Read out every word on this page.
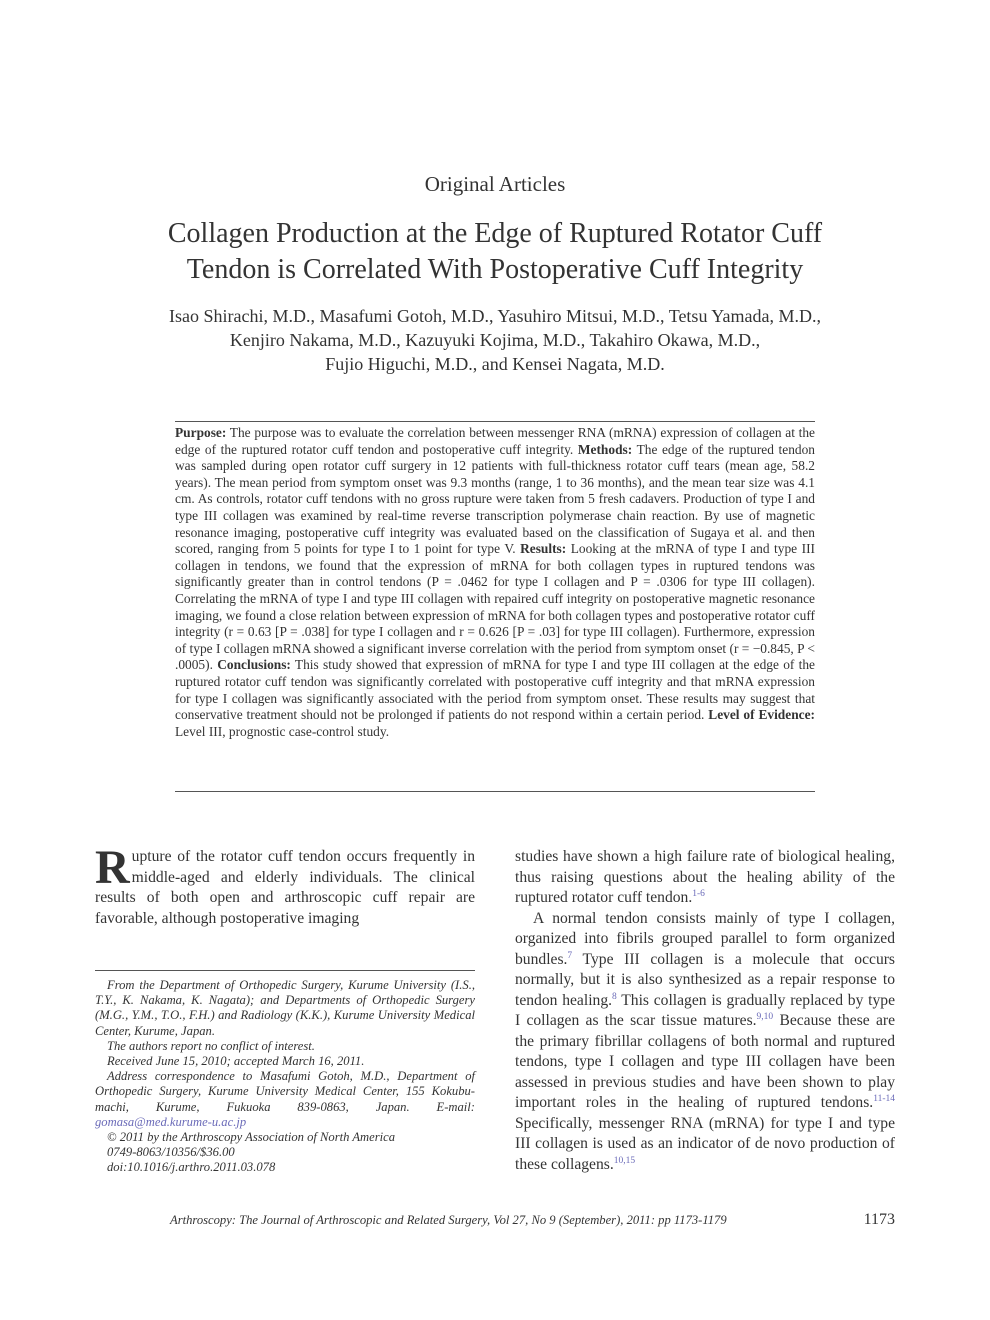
Original Articles
Collagen Production at the Edge of Ruptured Rotator Cuff
Tendon is Correlated With Postoperative Cuff Integrity
Isao Shirachi, M.D., Masafumi Gotoh, M.D., Yasuhiro Mitsui, M.D., Tetsu Yamada, M.D.,
Kenjiro Nakama, M.D., Kazuyuki Kojima, M.D., Takahiro Okawa, M.D.,
Fujio Higuchi, M.D., and Kensei Nagata, M.D.
Purpose: The purpose was to evaluate the correlation between messenger RNA (mRNA) expression of collagen at the edge of the ruptured rotator cuff tendon and postoperative cuff integrity. Methods: The edge of the ruptured tendon was sampled during open rotator cuff surgery in 12 patients with full-thickness rotator cuff tears (mean age, 58.2 years). The mean period from symptom onset was 9.3 months (range, 1 to 36 months), and the mean tear size was 4.1 cm. As controls, rotator cuff tendons with no gross rupture were taken from 5 fresh cadavers. Production of type I and type III collagen was examined by real-time reverse transcription polymerase chain reaction. By use of magnetic resonance imaging, postoperative cuff integrity was evaluated based on the classification of Sugaya et al. and then scored, ranging from 5 points for type I to 1 point for type V. Results: Looking at the mRNA of type I and type III collagen in tendons, we found that the expression of mRNA for both collagen types in ruptured tendons was significantly greater than in control tendons (P = .0462 for type I collagen and P = .0306 for type III collagen). Correlating the mRNA of type I and type III collagen with repaired cuff integrity on postoperative magnetic resonance imaging, we found a close relation between expression of mRNA for both collagen types and postoperative rotator cuff integrity (r = 0.63 [P = .038] for type I collagen and r = 0.626 [P = .03] for type III collagen). Furthermore, expression of type I collagen mRNA showed a significant inverse correlation with the period from symptom onset (r = −0.845, P < .0005). Conclusions: This study showed that expression of mRNA for type I and type III collagen at the edge of the ruptured rotator cuff tendon was significantly correlated with postoperative cuff integrity and that mRNA expression for type I collagen was significantly associated with the period from symptom onset. These results may suggest that conservative treatment should not be prolonged if patients do not respond within a certain period. Level of Evidence: Level III, prognostic case-control study.

Rupture of the rotator cuff tendon occurs frequently in middle-aged and elderly individuals. The clinical results of both open and arthroscopic cuff repair are favorable, although postoperative imaging

From the Department of Orthopedic Surgery, Kurume University (I.S., T.Y., K. Nakama, K. Nagata); and Departments of Orthopedic Surgery (M.G., Y.M., T.O., F.H.) and Radiology (K.K.), Kurume University Medical Center, Kurume, Japan.

The authors report no conflict of interest.

Received June 15, 2010; accepted March 16, 2011.

Address correspondence to Masafumi Gotoh, M.D., Department of Orthopedic Surgery, Kurume University Medical Center, 155 Kokubu-machi, Kurume, Fukuoka 839-0863, Japan. E-mail: gomasa@med.kurume-u.ac.jp

© 2011 by the Arthroscopy Association of North America

0749-8063/10356/$36.00

doi:10.1016/j.arthro.2011.03.078

studies have shown a high failure rate of biological healing, thus raising questions about the healing ability of the ruptured rotator cuff tendon.$^{1-6}$

A normal tendon consists mainly of type I collagen, organized into fibrils grouped parallel to form organized bundles.$^7$ Type III collagen is a molecule that occurs normally, but it is also synthesized as a repair response to tendon healing.$^8$ This collagen is gradually replaced by type I collagen as the scar tissue matures.$^{9,10}$ Because these are the primary fibrillar collagens of both normal and ruptured tendons, type I collagen and type III collagen have been assessed in previous studies and have been shown to play important roles in the healing of ruptured tendons.$^{11-14}$ Specifically, messenger RNA (mRNA) for type I and type III collagen is used as an indicator of de novo production of these collagens.$^{10,15}$

Arthroscopy: The Journal of Arthroscopic and Related Surgery, Vol 27, No 9 (September), 2011: pp 1173-1179	1173
